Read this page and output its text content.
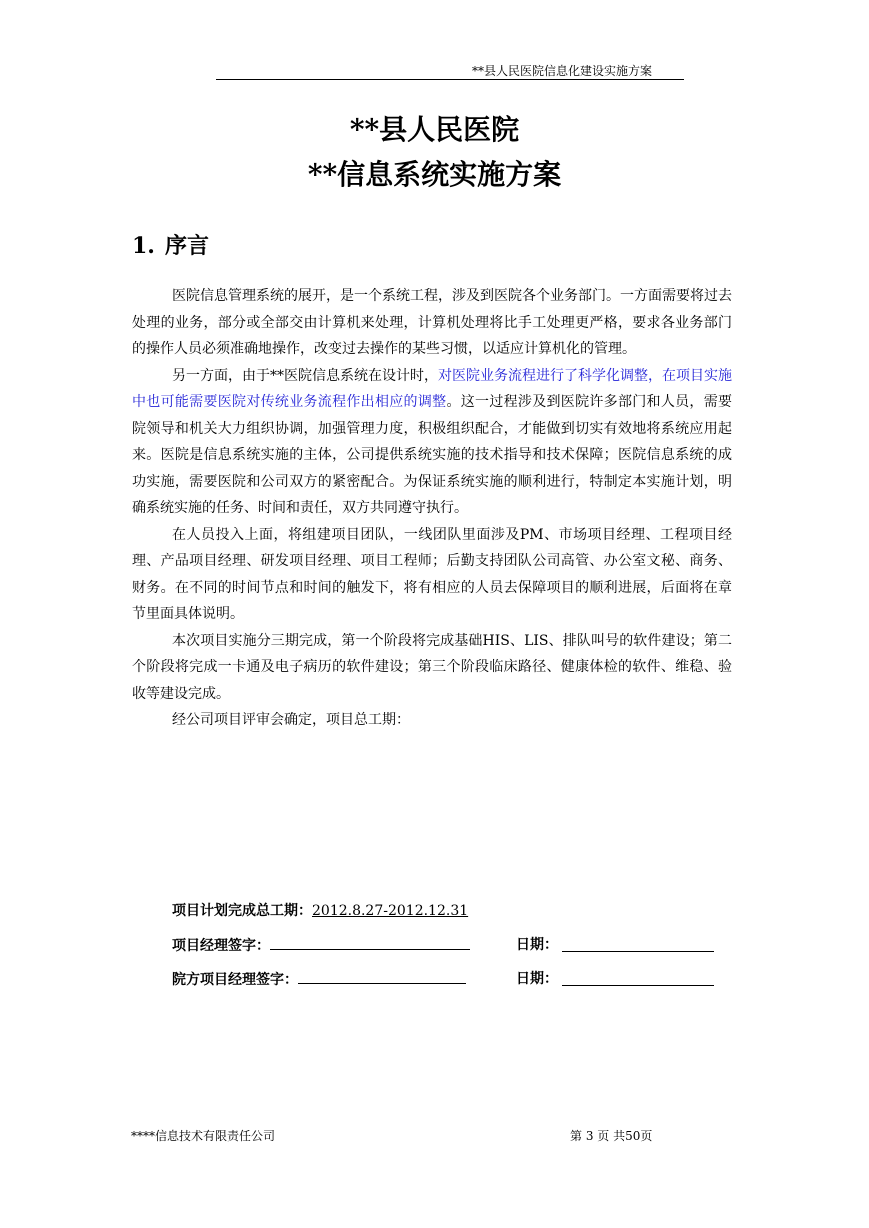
**县人民医院信息化建设实施方案
**县人民医院
**信息系统实施方案
1. 序言

医院信息管理系统的展开，是一个系统工程，涉及到医院各个业务部门。一方面需要将过去处理的业务，部分或全部交由计算机来处理，计算机处理将比手工处理更严格，要求各业务部门的操作人员必须准确地操作，改变过去操作的某些习惯，以适应计算机化的管理。

另一方面，由于**医院信息系统在设计时，对医院业务流程进行了科学化调整，在项目实施中也可能需要医院对传统业务流程作出相应的调整。这一过程涉及到医院许多部门和人员，需要院领导和机关大力组织协调，加强管理力度，积极组织配合，才能做到切实有效地将系统应用起来。医院是信息系统实施的主体，公司提供系统实施的技术指导和技术保障；医院信息系统的成功实施，需要医院和公司双方的紧密配合。为保证系统实施的顺利进行，特制定本实施计划，明确系统实施的任务、时间和责任，双方共同遵守执行。

在人员投入上面，将组建项目团队，一线团队里面涉及PM、市场项目经理、工程项目经理、产品项目经理、研发项目经理、项目工程师；后勤支持团队公司高管、办公室文秘、商务、财务。在不同的时间节点和时间的触发下，将有相应的人员去保障项目的顺利进展，后面将在章节里面具体说明。

本次项目实施分三期完成，第一个阶段将完成基础HIS、LIS、排队叫号的软件建设；第二个阶段将完成一卡通及电子病历的软件建设；第三个阶段临床路径、健康体检的软件、维稳、验收等建设完成。

经公司项目评审会确定，项目总工期：

项目计划完成总工期：2012.8.27-2012.12.31
项目经理签字：	日期：
院方项目经理签字：	日期：
****信息技术有限责任公司	第 3 页 共50页
